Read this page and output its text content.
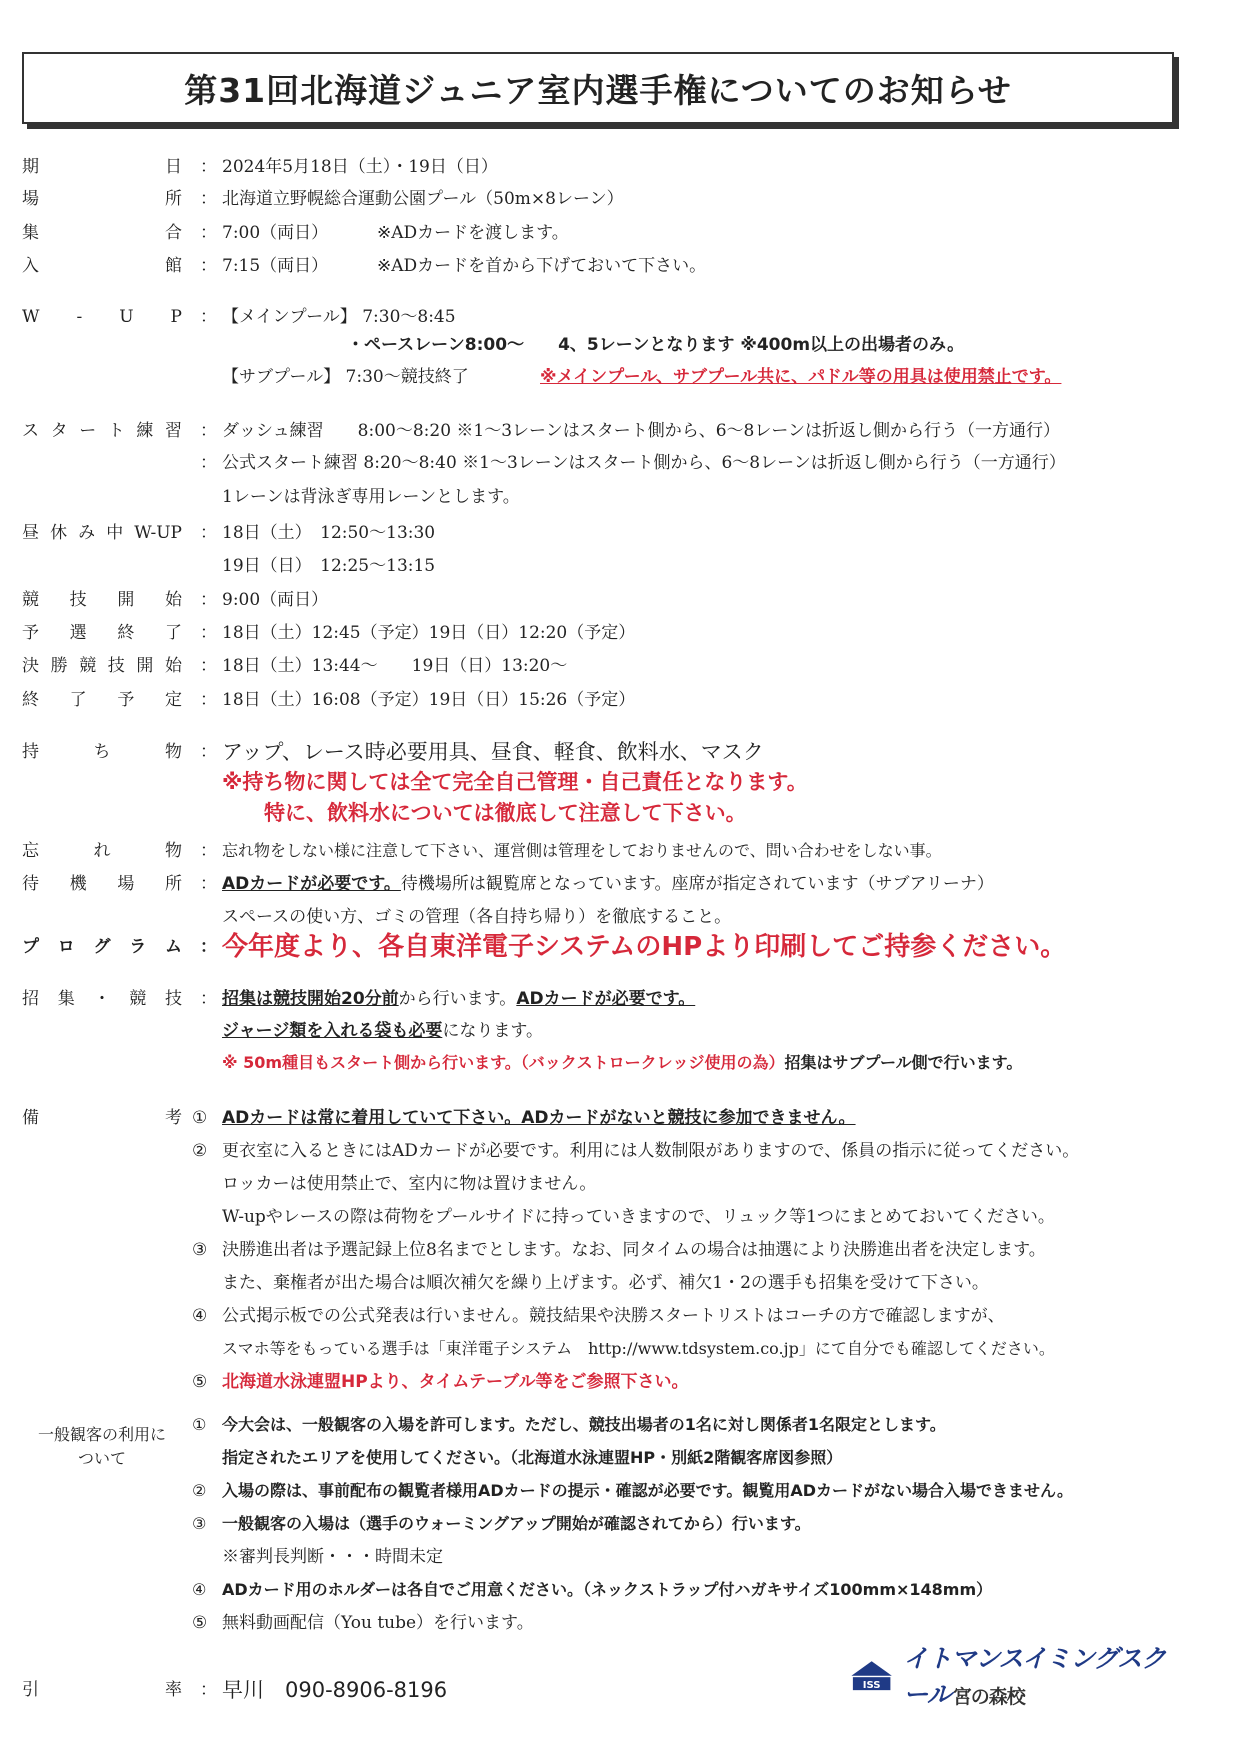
第31回北海道ジュニア室内選手権についてのお知らせ
期	日 ： 2024年5月18日（土）・19日（日）
場	所 ： 北海道立野幌総合運動公園プール（50m×8レーン）
集	合 ： 7:00（両日）	※ADカードを渡します。
入	館 ： 7:15（両日）	※ADカードを首から下げておいて下さい。
W - U P ： 【メインプール】 7:30～8:45
・ペースレーン8:00～　　4、5レーンとなります ※400m以上の出場者のみ。
【サブプール】 7:30～競技終了	※メインプール、サブプール共に、パドル等の用具は使用禁止です。
ス タ ー ト 練 習 ： ダッシュ練習　　8:00～8:20 ※1～3レーンはスタート側から、6～8レーンは折返し側から行う（一方通行）
： 公式スタート練習 8:20～8:40 ※1～3レーンはスタート側から、6～8レーンは折返し側から行う（一方通行）
1レーンは背泳ぎ専用レーンとします。
昼 休 み 中 W-UP ： 18日（土）　12:50～13:30
19日（日）　12:25～13:15
競 技 開 始 ： 9:00（両日）
予 選 終 了 ： 18日（土）12:45（予定）19日（日）12:20（予定）
決 勝 競 技 開 始 ： 18日（土）13:44～　　19日（日）13:20～
終 了 予 定 ： 18日（土）16:08（予定）19日（日）15:26（予定）
持	ち	物 ： アップ、レース時必要用具、昼食、軽食、飲料水、マスク
※持ち物に関しては全て完全自己管理・自己責任となります。
特に、飲料水については徹底して注意して下さい。
忘	れ	物 ： 忘れ物をしない様に注意して下さい、運営側は管理をしておりませんので、問い合わせをしない事。
待 機 場 所 ： ADカードが必要です。待機場所は観覧席となっています。座席が指定されています（サブアリーナ）
スペースの使い方、ゴミの管理（各自持ち帰り）を徹底すること。
プ ロ グ ラ ム ： 今年度より、各自東洋電子システムのHPより印刷してご持参ください。
招 集 ・ 競 技 ： 招集は競技開始20分前から行います。ADカードが必要です。
ジャージ類を入れる袋も必要になります。
※ 50m種目もスタート側から行います。（バックストロークレッジ使用の為）招集はサブプール側で行います。
備	考 ① ADカードは常に着用していて下さい。ADカードがないと競技に参加できません。
② 更衣室に入るときにはADカードが必要です。利用には人数制限がありますので、係員の指示に従ってください。
ロッカーは使用禁止で、室内に物は置けません。
W-upやレースの際は荷物をプールサイドに持っていきますので、リュック等1つにまとめておいてください。
③ 決勝進出者は予選記録上位8名までとします。なお、同タイムの場合は抽選により決勝進出者を決定します。
また、棄権者が出た場合は順次補欠を繰り上げます。必ず、補欠1・2の選手も招集を受けて下さい。
④ 公式掲示板での公式発表は行いません。競技結果や決勝スタートリストはコーチの方で確認しますが、
スマホ等をもっている選手は「東洋電子システム　http://www.tdsystem.co.jp」にて自分でも確認してください。
⑤ 北海道水泳連盟HPより、タイムテーブル等をご参照下さい。
一般観客の利用に
ついて
① 今大会は、一般観客の入場を許可します。ただし、競技出場者の1名に対し関係者1名限定とします。
指定されたエリアを使用してください。（北海道水泳連盟HP・別紙2階観客席図参照）
② 入場の際は、事前配布の観覧者様用ADカードの提示・確認が必要です。観覧用ADカードがない場合入場できません。
③ 一般観客の入場は（選手のウォーミングアップ開始が確認されてから）行います。
※審判長判断・・・時間未定
④ ADカード用のホルダーは各自でご用意ください。（ネックストラップ付ハガキサイズ100mm×148mm）
⑤ 無料動画配信（You tube）を行います。
引	率 ： 早川　090-8906-8196	ISS
イトマンスイミングスクール 宮の森校
